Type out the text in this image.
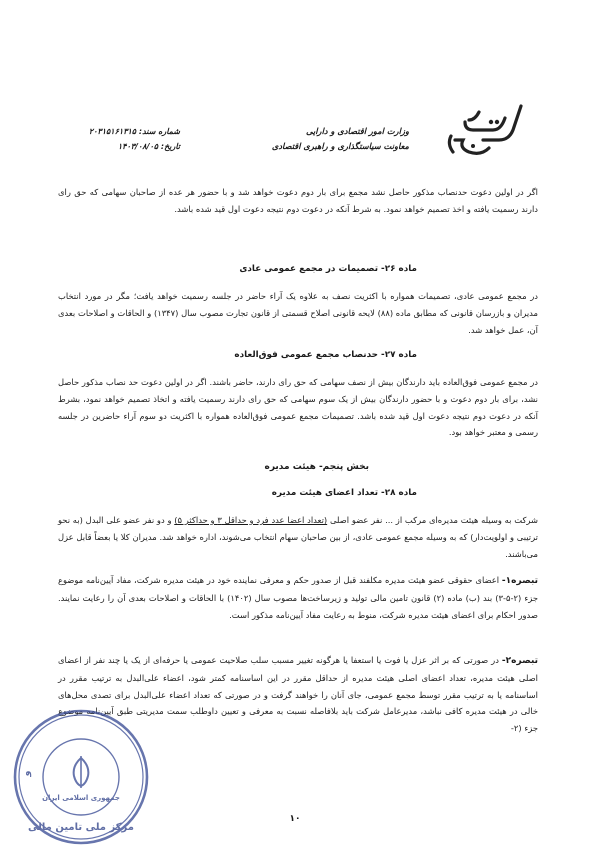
وزارت امور اقتصادی و دارایی
معاونت سیاستگذاری و راهبری اقتصادی
شماره سند: ۲۰۳۱۵۱۶۱۳۱۵
تاریخ: ۱۴۰۳/۰۸/۰۵
اگر در اولین دعوت حدنصاب مذکور حاصل نشد مجمع برای بار دوم دعوت خواهد شد و با حضور هر عده از صاحبان سهامی که حق رای دارند رسمیت یافته و اخذ تصمیم خواهد نمود. به شرط آنکه در دعوت دوم نتیجه دعوت اول قید شده باشد.
ماده ۲۶- تصمیمات در مجمع عمومی عادی
در مجمع عمومی عادی، تصمیمات همواره با اکثریت نصف به علاوه یک آراء حاضر در جلسه رسمیت خواهد یافت؛ مگر در مورد انتخاب مدیران و بازرسان قانونی که مطابق ماده (۸۸) لایحه قانونی اصلاح قسمتی از قانون تجارت مصوب سال (۱۳۴۷) و الحاقات و اصلاحات بعدی آن، عمل خواهد شد.
ماده ۲۷- حدنصاب مجمع عمومی فوق‌العاده
در مجمع عمومی فوق‌العاده باید دارندگان بیش از نصف سهامی که حق رای دارند، حاضر باشند. اگر در اولین دعوت حد نصاب مذکور حاصل نشد، برای بار دوم دعوت و با حضور دارندگان بیش از یک سوم سهامی که حق رای دارند رسمیت یافته و اتخاذ تصمیم خواهد نمود، بشرط آنکه در دعوت دوم نتیجه دعوت اول قید شده باشد. تصمیمات مجمع عمومی فوق‌العاده همواره با اکثریت دو سوم آراء حاضرین در جلسه رسمی و معتبر خواهد بود.
بخش پنجم- هیئت مدیره
ماده ۲۸- تعداد اعضای هیئت مدیره
شرکت به وسیله هیئت مدیره‌ای مرکب از ... نفر عضو اصلی (تعداد اعضا عدد فرد و حداقل ۳ و حداکثر ۵) و دو نفر عضو علی البدل (به نحو ترتیبی و اولویت‌دار) که به وسیله مجمع عمومی عادی، از بین صاحبان سهام انتخاب می‌شوند، اداره خواهد شد. مدیران کلا یا بعضاً قابل عزل می‌باشند.
تبصره۱- اعضای حقوقی عضو هیئت مدیره مکلفند قبل از صدور حکم و معرفی نماینده خود در هیئت مدیره شرکت، مفاد آیین‌نامه موضوع جزء (۲-۵-۳) بند (ب) ماده (۲) قانون تامین مالی تولید و زیرساخت‌ها مصوب سال (۱۴۰۲) با الحاقات و اصلاحات بعدی آن را رعایت نمایند. صدور احکام برای اعضای هیئت مدیره شرکت، منوط به رعایت مفاد آیین‌نامه مذکور است.
تبصره۲- در صورتی که بر اثر عزل یا فوت یا استعفا یا هرگونه تغییر مسبب سلب صلاحیت عمومی یا حرفه‌ای از یک یا چند نفر از اعضای اصلی هیئت مدیره، تعداد اعضای اصلی هیئت مدیره از حداقل مقرر در این اساسنامه کمتر شود، اعضاء علی‌البدل به ترتیب مقرر در اساسنامه یا به ترتیب مقرر توسط مجمع عمومی، جای آنان را خواهند گرفت و در صورتی که تعداد اعضاء علی‌البدل برای تصدی محل‌های خالی در هیئت مدیره کافی نباشد، مدیرعامل شرکت باید بلافاصله نسبت به معرفی و تعیین داوطلب سمت مدیریتی طبق آیین‌نامه موضوع جزء (۲-
۱۰
و
جمهوری اسلامی ایران
مرکز ملی تامین مالی
